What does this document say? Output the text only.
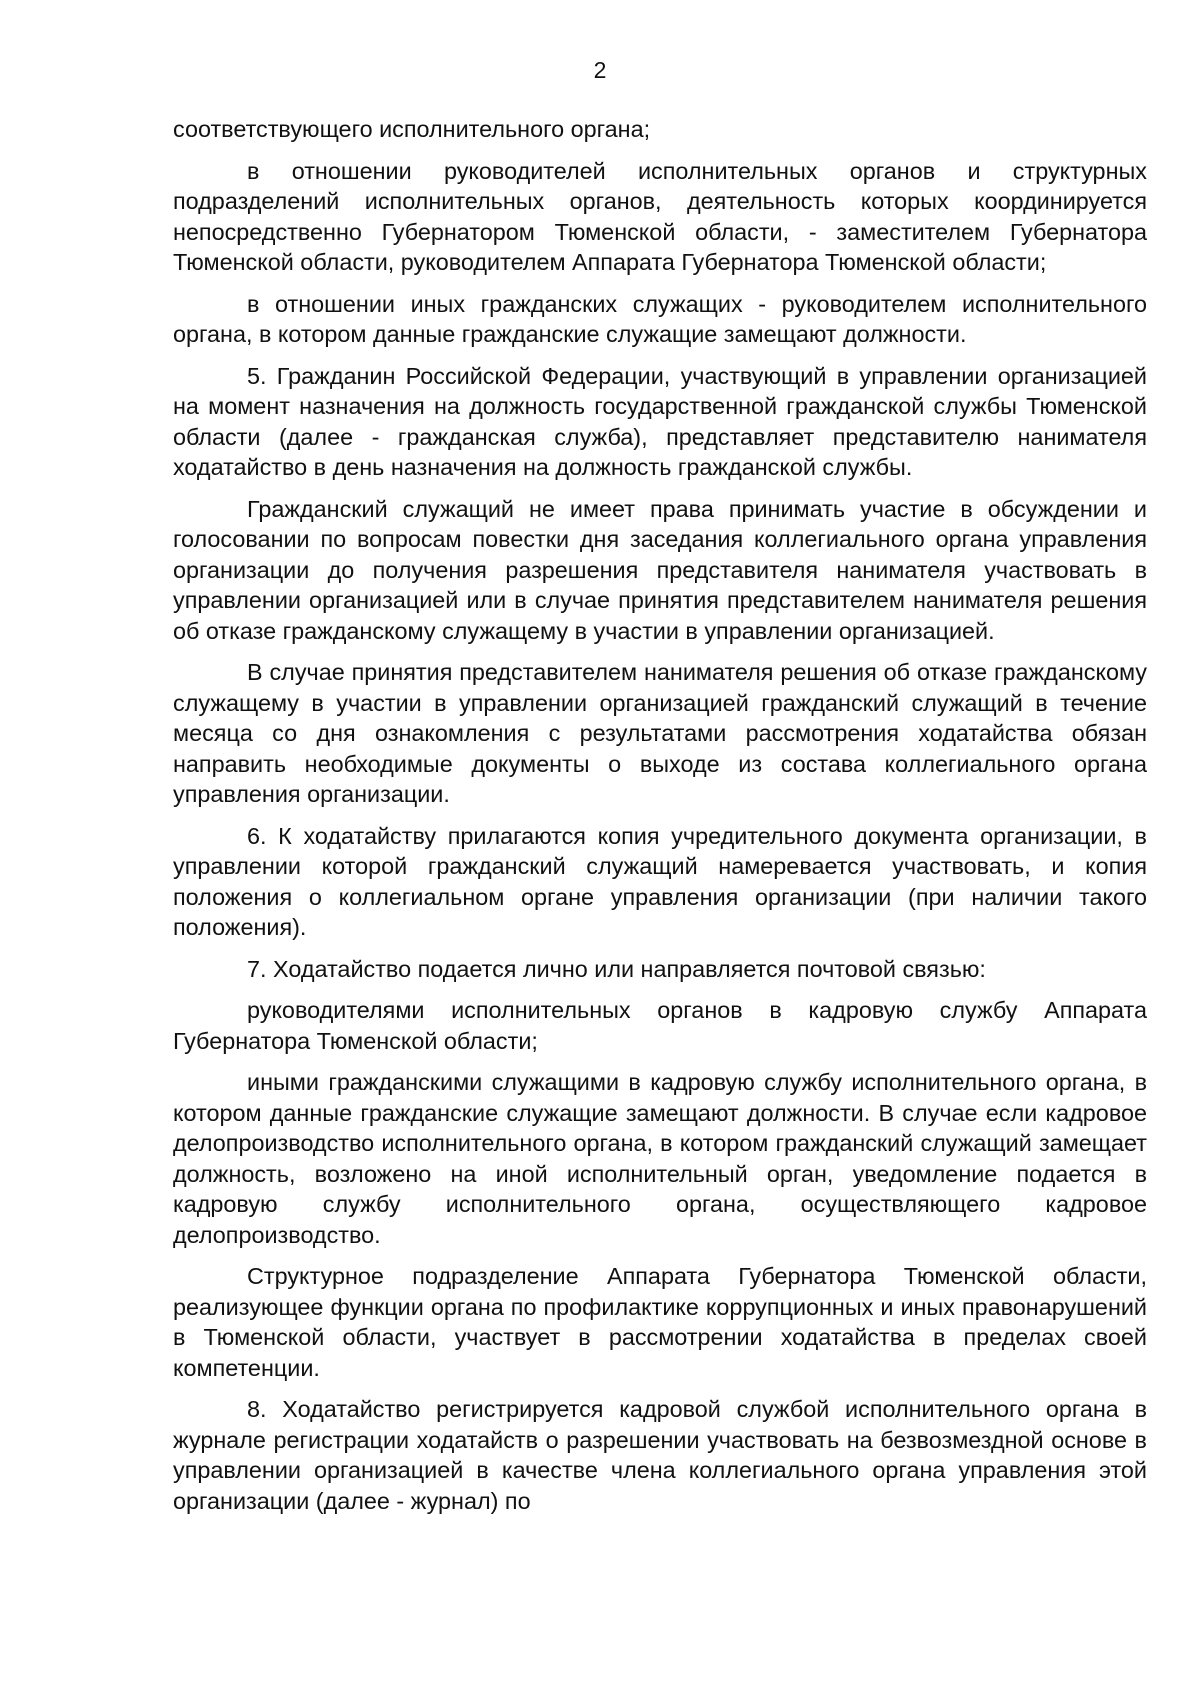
2

соответствующего исполнительного органа;

в отношении руководителей исполнительных органов и структурных подразделений исполнительных органов, деятельность которых координируется непосредственно Губернатором Тюменской области, - заместителем Губернатора Тюменской области, руководителем Аппарата Губернатора Тюменской области;

в отношении иных гражданских служащих - руководителем исполнительного органа, в котором данные гражданские служащие замещают должности.

5. Гражданин Российской Федерации, участвующий в управлении организацией на момент назначения на должность государственной гражданской службы Тюменской области (далее - гражданская служба), представляет представителю нанимателя ходатайство в день назначения на должность гражданской службы.

Гражданский служащий не имеет права принимать участие в обсуждении и голосовании по вопросам повестки дня заседания коллегиального органа управления организации до получения разрешения представителя нанимателя участвовать в управлении организацией или в случае принятия представителем нанимателя решения об отказе гражданскому служащему в участии в управлении организацией.

В случае принятия представителем нанимателя решения об отказе гражданскому служащему в участии в управлении организацией гражданский служащий в течение месяца со дня ознакомления с результатами рассмотрения ходатайства обязан направить необходимые документы о выходе из состава коллегиального органа управления организации.

6. К ходатайству прилагаются копия учредительного документа организации, в управлении которой гражданский служащий намеревается участвовать, и копия положения о коллегиальном органе управления организации (при наличии такого положения).

7. Ходатайство подается лично или направляется почтовой связью:

руководителями исполнительных органов в кадровую службу Аппарата Губернатора Тюменской области;

иными гражданскими служащими в кадровую службу исполнительного органа, в котором данные гражданские служащие замещают должности. В случае если кадровое делопроизводство исполнительного органа, в котором гражданский служащий замещает должность, возложено на иной исполнительный орган, уведомление подается в кадровую службу исполнительного органа, осуществляющего кадровое делопроизводство.

Структурное подразделение Аппарата Губернатора Тюменской области, реализующее функции органа по профилактике коррупционных и иных правонарушений в Тюменской области, участвует в рассмотрении ходатайства в пределах своей компетенции.

8. Ходатайство регистрируется кадровой службой исполнительного органа в журнале регистрации ходатайств о разрешении участвовать на безвозмездной основе в управлении организацией в качестве члена коллегиального органа управления этой организации (далее - журнал) по
